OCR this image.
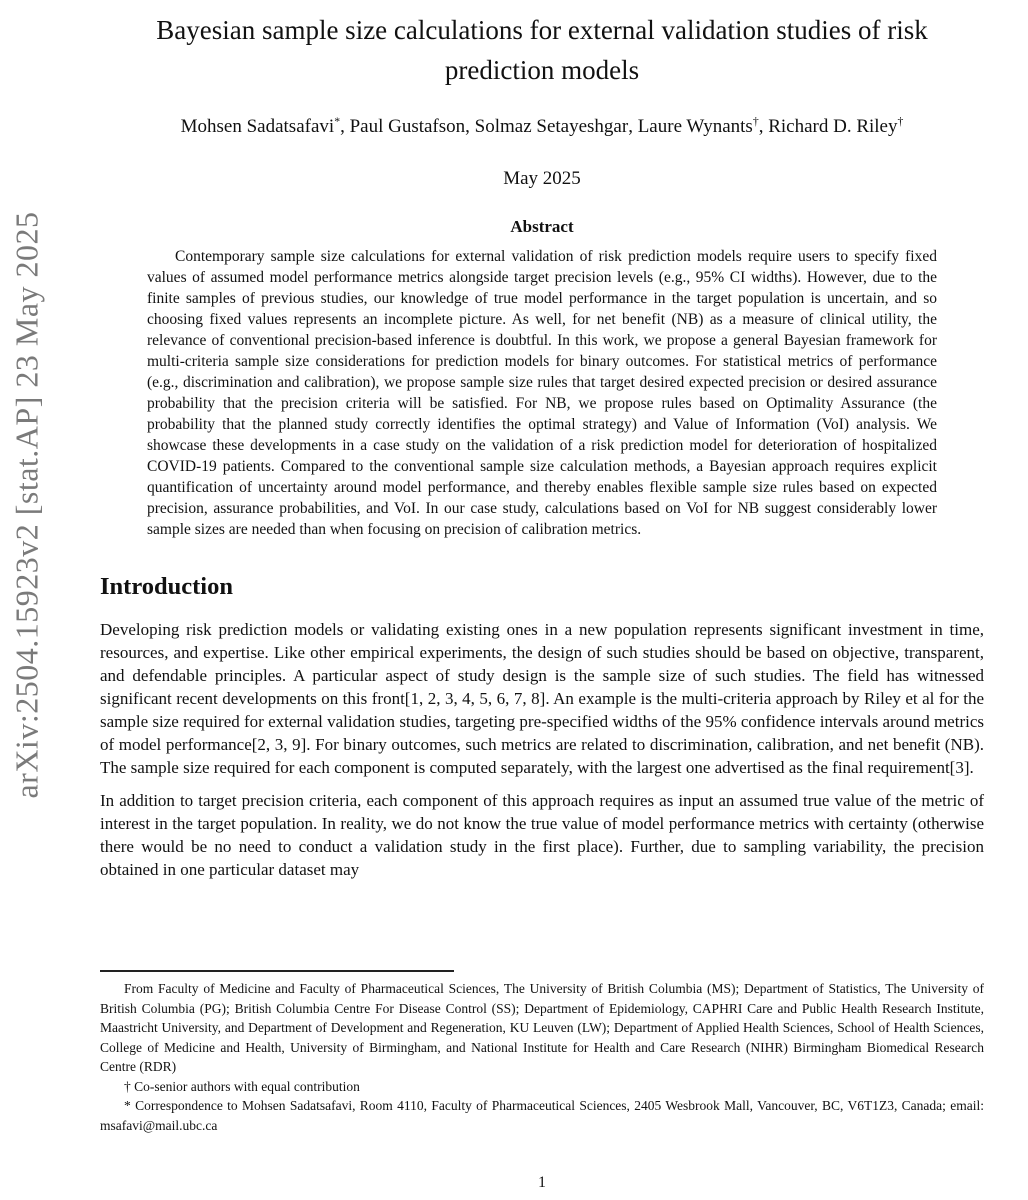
arXiv:2504.15923v2 [stat.AP] 23 May 2025
Bayesian sample size calculations for external validation studies of risk prediction models
Mohsen Sadatsafavi*, Paul Gustafson, Solmaz Setayeshgar, Laure Wynants†, Richard D. Riley†
May 2025
Abstract

Contemporary sample size calculations for external validation of risk prediction models require users to specify fixed values of assumed model performance metrics alongside target precision levels (e.g., 95% CI widths). However, due to the finite samples of previous studies, our knowledge of true model performance in the target population is uncertain, and so choosing fixed values represents an incomplete picture. As well, for net benefit (NB) as a measure of clinical utility, the relevance of conventional precision-based inference is doubtful. In this work, we propose a general Bayesian framework for multi-criteria sample size considerations for prediction models for binary outcomes. For statistical metrics of performance (e.g., discrimination and calibration), we propose sample size rules that target desired expected precision or desired assurance probability that the precision criteria will be satisfied. For NB, we propose rules based on Optimality Assurance (the probability that the planned study correctly identifies the optimal strategy) and Value of Information (VoI) analysis. We showcase these developments in a case study on the validation of a risk prediction model for deterioration of hospitalized COVID-19 patients. Compared to the conventional sample size calculation methods, a Bayesian approach requires explicit quantification of uncertainty around model performance, and thereby enables flexible sample size rules based on expected precision, assurance probabilities, and VoI. In our case study, calculations based on VoI for NB suggest considerably lower sample sizes are needed than when focusing on precision of calibration metrics.

Introduction

Developing risk prediction models or validating existing ones in a new population represents significant investment in time, resources, and expertise. Like other empirical experiments, the design of such studies should be based on objective, transparent, and defendable principles. A particular aspect of study design is the sample size of such studies. The field has witnessed significant recent developments on this front[1, 2, 3, 4, 5, 6, 7, 8]. An example is the multi-criteria approach by Riley et al for the sample size required for external validation studies, targeting pre-specified widths of the 95% confidence intervals around metrics of model performance[2, 3, 9]. For binary outcomes, such metrics are related to discrimination, calibration, and net benefit (NB). The sample size required for each component is computed separately, with the largest one advertised as the final requirement[3].

In addition to target precision criteria, each component of this approach requires as input an assumed true value of the metric of interest in the target population. In reality, we do not know the true value of model performance metrics with certainty (otherwise there would be no need to conduct a validation study in the first place). Further, due to sampling variability, the precision obtained in one particular dataset may

From Faculty of Medicine and Faculty of Pharmaceutical Sciences, The University of British Columbia (MS); Department of Statistics, The University of British Columbia (PG); British Columbia Centre For Disease Control (SS); Department of Epidemiology, CAPHRI Care and Public Health Research Institute, Maastricht University, and Department of Development and Regeneration, KU Leuven (LW); Department of Applied Health Sciences, School of Health Sciences, College of Medicine and Health, University of Birmingham, and National Institute for Health and Care Research (NIHR) Birmingham Biomedical Research Centre (RDR)

† Co-senior authors with equal contribution

* Correspondence to Mohsen Sadatsafavi, Room 4110, Faculty of Pharmaceutical Sciences, 2405 Wesbrook Mall, Vancouver, BC, V6T1Z3, Canada; email: msafavi@mail.ubc.ca

1
